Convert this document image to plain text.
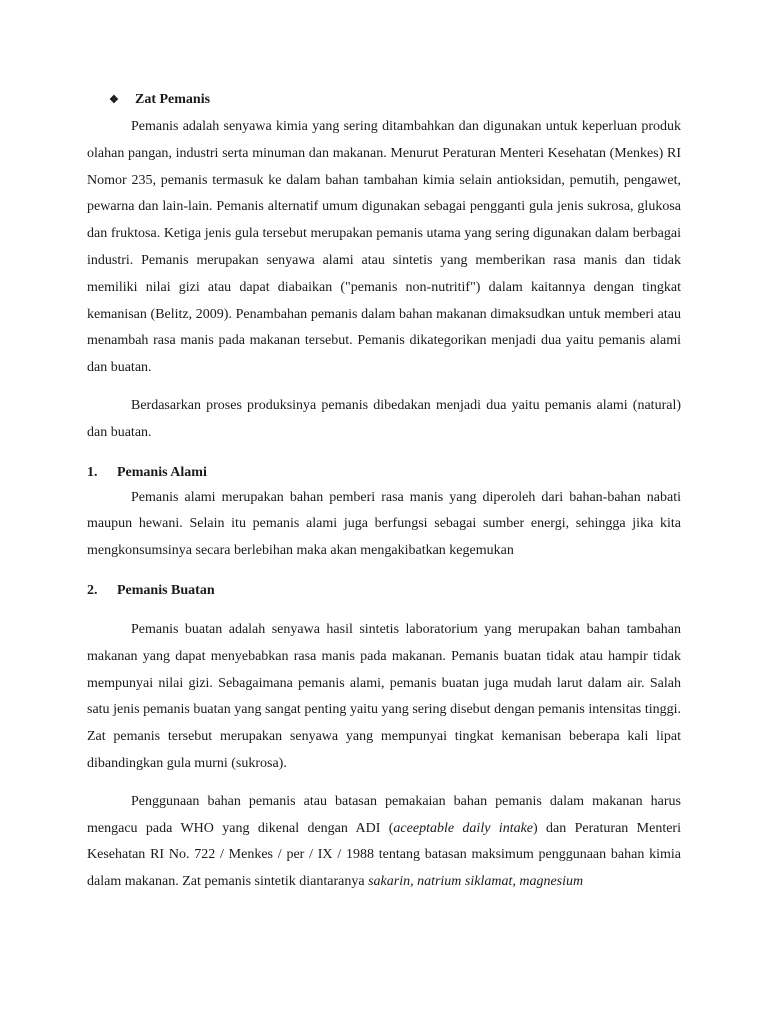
❖	Zat Pemanis

Pemanis adalah senyawa kimia yang sering ditambahkan dan digunakan untuk keperluan produk olahan pangan, industri serta minuman dan makanan. Menurut Peraturan Menteri Kesehatan (Menkes) RI Nomor 235, pemanis termasuk ke dalam bahan tambahan kimia selain antioksidan, pemutih, pengawet, pewarna dan lain-lain. Pemanis alternatif umum digunakan sebagai pengganti gula jenis sukrosa, glukosa dan fruktosa. Ketiga jenis gula tersebut merupakan pemanis utama yang sering digunakan dalam berbagai industri. Pemanis merupakan senyawa alami atau sintetis yang memberikan rasa manis dan tidak memiliki nilai gizi atau dapat diabaikan ("pemanis non-nutritif") dalam kaitannya dengan tingkat kemanisan (Belitz, 2009). Penambahan pemanis dalam bahan makanan dimaksudkan untuk memberi atau menambah rasa manis pada makanan tersebut. Pemanis dikategorikan menjadi dua yaitu pemanis alami dan buatan.

Berdasarkan proses produksinya pemanis dibedakan menjadi dua yaitu pemanis alami (natural) dan buatan.

1.	Pemanis Alami

Pemanis alami merupakan bahan pemberi rasa manis yang diperoleh dari bahan-bahan nabati maupun hewani. Selain itu pemanis alami juga berfungsi sebagai sumber energi, sehingga jika kita mengkonsumsinya secara berlebihan maka akan mengakibatkan kegemukan

2.	Pemanis Buatan

Pemanis buatan adalah senyawa hasil sintetis laboratorium yang merupakan bahan tambahan makanan yang dapat menyebabkan rasa manis pada makanan. Pemanis buatan tidak atau hampir tidak mempunyai nilai gizi. Sebagaimana pemanis alami, pemanis buatan juga mudah larut dalam air. Salah satu jenis pemanis buatan yang sangat penting yaitu yang sering disebut dengan pemanis intensitas tinggi. Zat pemanis tersebut merupakan senyawa yang mempunyai tingkat kemanisan beberapa kali lipat dibandingkan gula murni (sukrosa).

Penggunaan bahan pemanis atau batasan pemakaian bahan pemanis dalam makanan harus mengacu pada WHO yang dikenal dengan ADI (aceeptable daily intake) dan Peraturan Menteri Kesehatan RI No. 722 / Menkes / per / IX / 1988 tentang batasan maksimum penggunaan bahan kimia dalam makanan. Zat pemanis sintetik diantaranya sakarin, natrium siklamat, magnesium
